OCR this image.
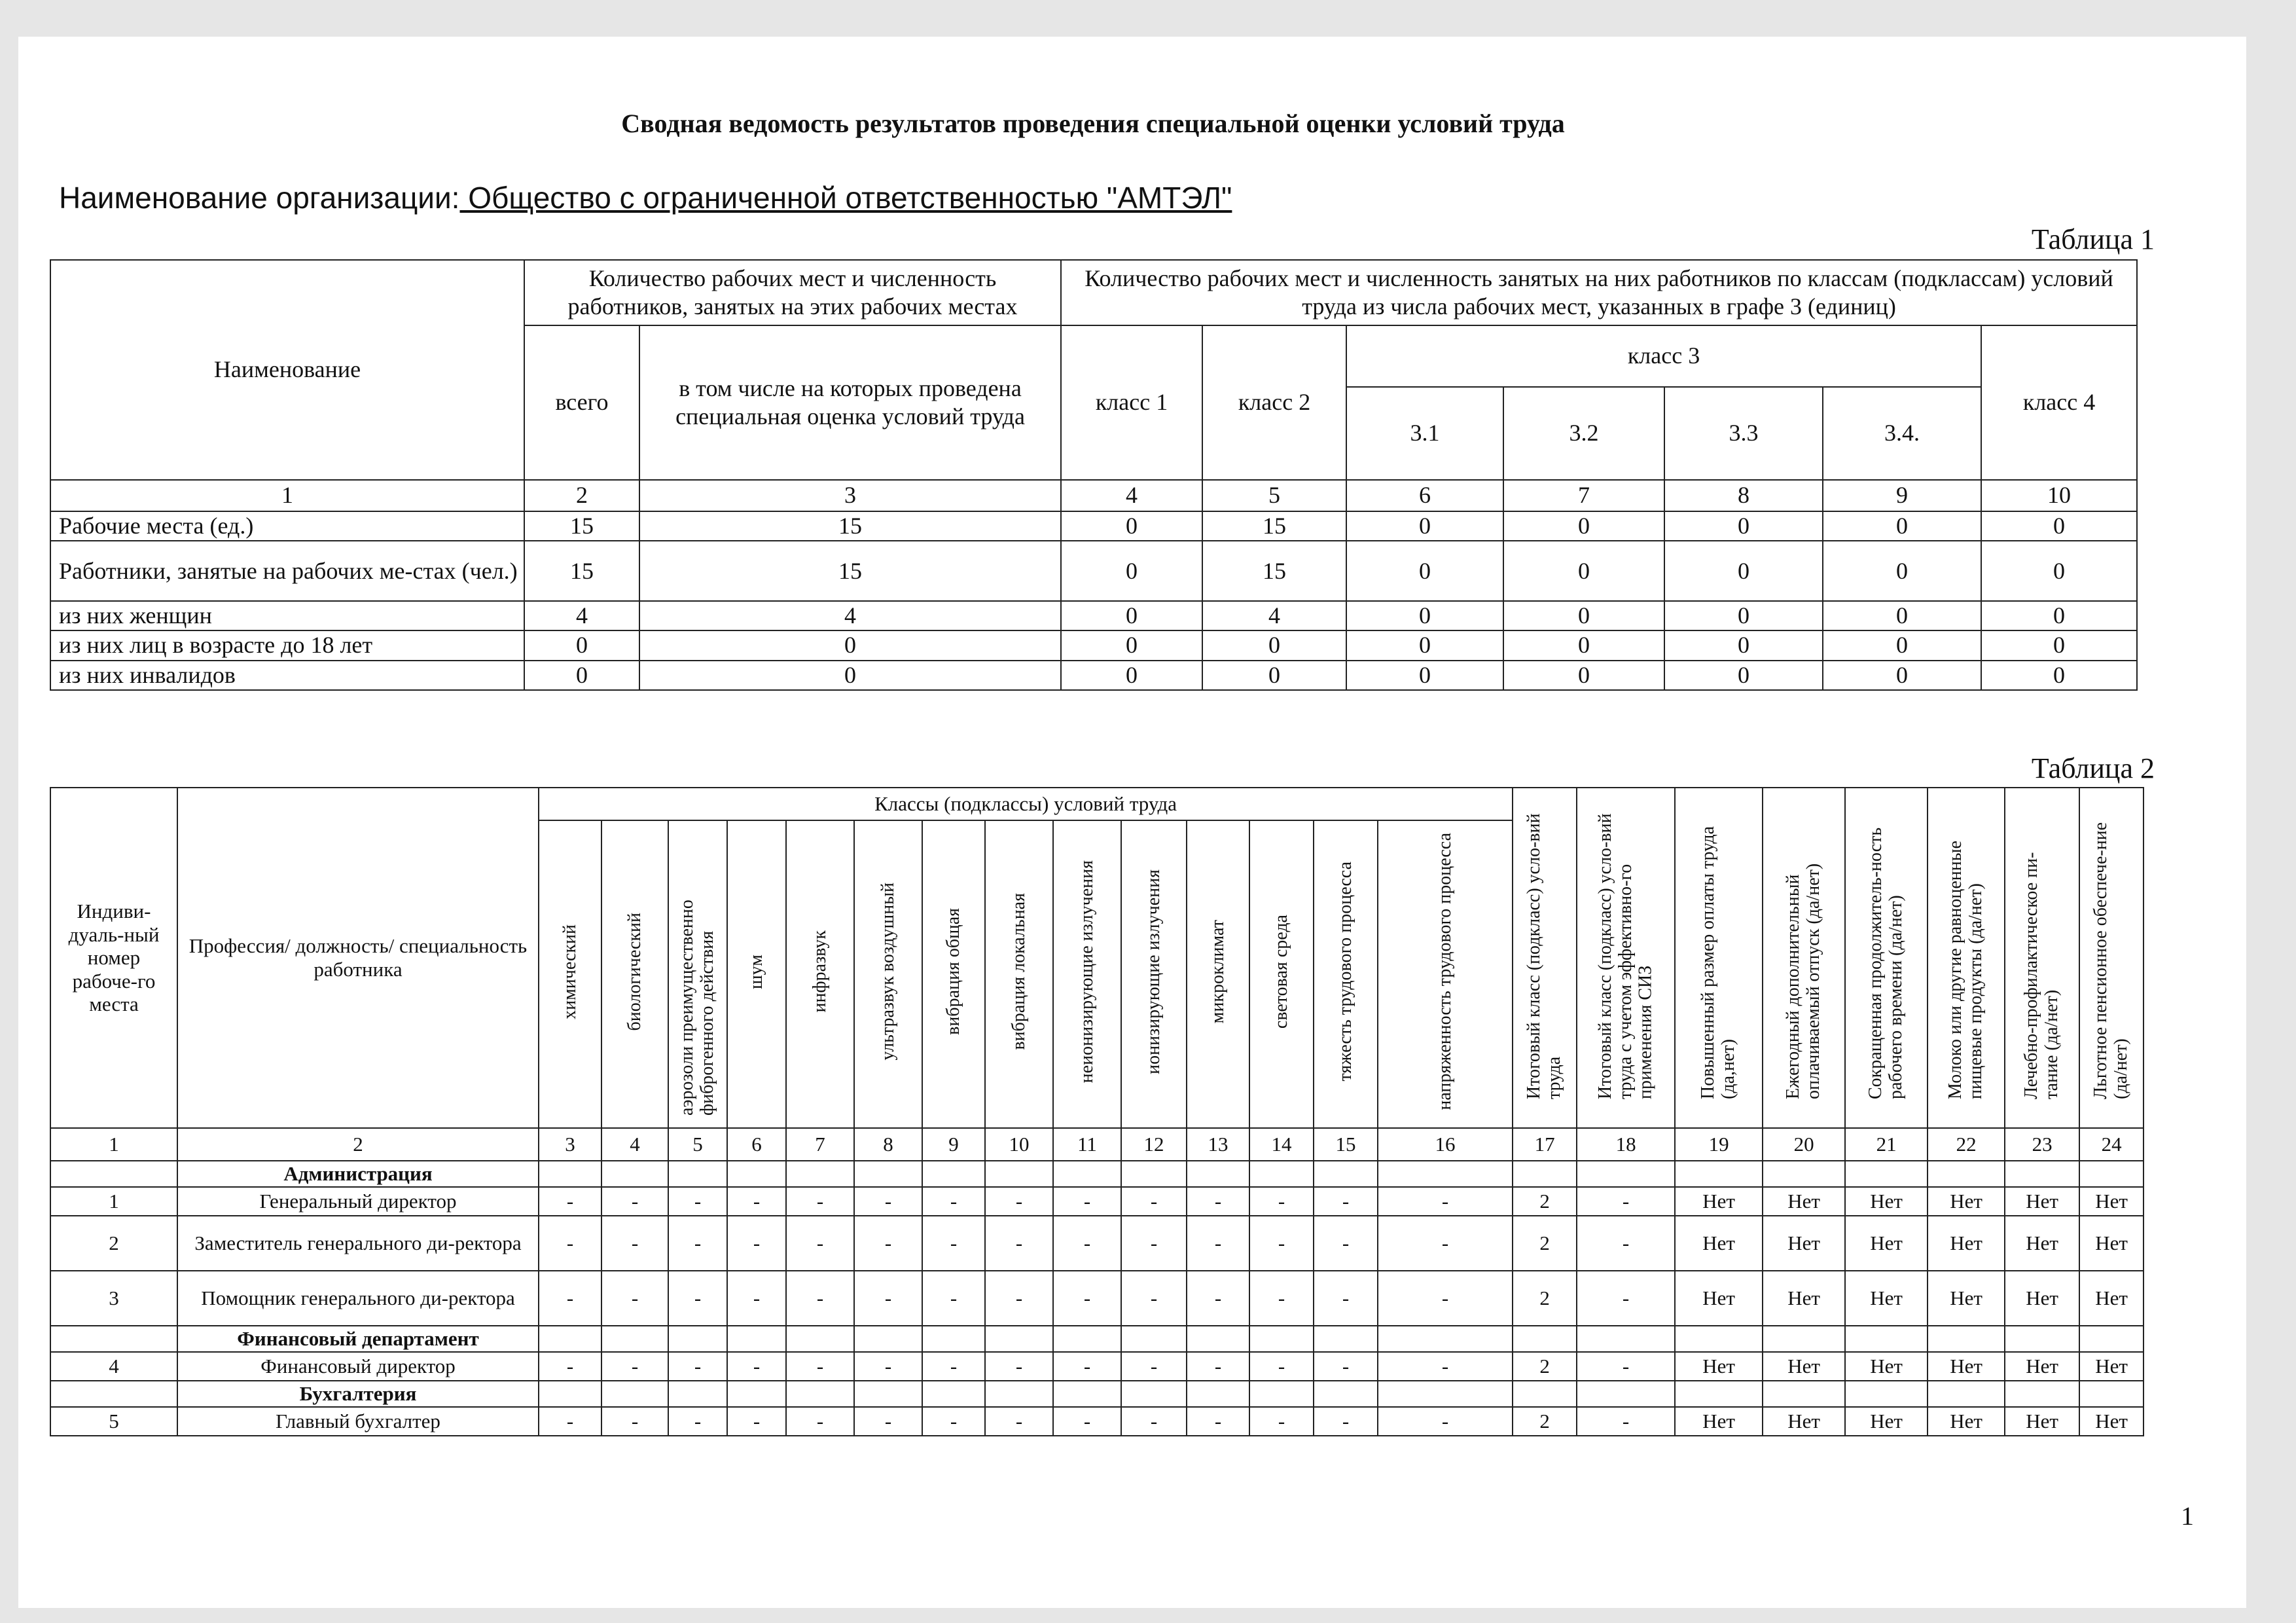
Сводная ведомость результатов проведения специальной оценки условий труда
Наименование организации: Общество с ограниченной ответственностью "АМТЭЛ"
Таблица 1
Наименование	Количество рабочих мест и численность работников, занятых на этих рабочих местах		Количество рабочих мест и численность занятых на них работников по классам (подклассам) условий труда из числа рабочих мест, указанных в графе 3 (единиц)						
	всего	в том числе на которых проведена специальная оценка условий труда	класс 1	класс 2	класс 3				класс 4
					3.1	3.2	3.3	3.4.	
1	2	3	4	5	6	7	8	9	10
Рабочие места (ед.)	15	15	0	15	0	0	0	0	0
Работники, занятые на рабочих ме-стах (чел.)	15	15	0	15	0	0	0	0	0
из них женщин	4	4	0	4	0	0	0	0	0
из них лиц в возрасте до 18 лет	0	0	0	0	0	0	0	0	0
из них инвалидов	0	0	0	0	0	0	0	0	0
Таблица 2
Индиви-дуаль-ный номер рабоче-го места	Профессия/ должность/ специальность работника	Классы (подклассы) условий труда														Итоговый класс (подкласс) усло-вий труда	Итоговый класс (подкласс) усло-вий труда с учетом эффективно-го применения СИЗ	Повышенный размер оплаты труда (да,нет)	Ежегодный дополнительный оплачиваемый отпуск (да/нет)	Сокращенная продолжитель-ность рабочего времени (да/нет)	Молоко или другие равноценные пищевые продукты (да/нет)	Лечебно-профилактическое пи-тание (да/нет)	Льготное пенсионное обеспече-ние (да/нет)
		химический	биологический	аэрозоли преимущественно фиброгенного действия	шум	инфразвук	ультразвук воздушный	вибрация общая	вибрация локальная	неионизирующие излучения	ионизирующие излучения	микроклимат	световая среда	тяжесть трудового процесса	напряженность трудового процесса								
1	2	3	4	5	6	7	8	9	10	11	12	13	14	15	16	17	18	19	20	21	22	23	24
	Администрация																						
1	Генеральный директор	-	-	-	-	-	-	-	-	-	-	-	-	-	-	2	-	Нет	Нет	Нет	Нет	Нет	Нет
2	Заместитель генерального ди-ректора	-	-	-	-	-	-	-	-	-	-	-	-	-	-	2	-	Нет	Нет	Нет	Нет	Нет	Нет
3	Помощник генерального ди-ректора	-	-	-	-	-	-	-	-	-	-	-	-	-	-	2	-	Нет	Нет	Нет	Нет	Нет	Нет
	Финансовый департамент																						
4	Финансовый директор	-	-	-	-	-	-	-	-	-	-	-	-	-	-	2	-	Нет	Нет	Нет	Нет	Нет	Нет
	Бухгалтерия																						
5	Главный бухгалтер	-	-	-	-	-	-	-	-	-	-	-	-	-	-	2	-	Нет	Нет	Нет	Нет	Нет	Нет
1
